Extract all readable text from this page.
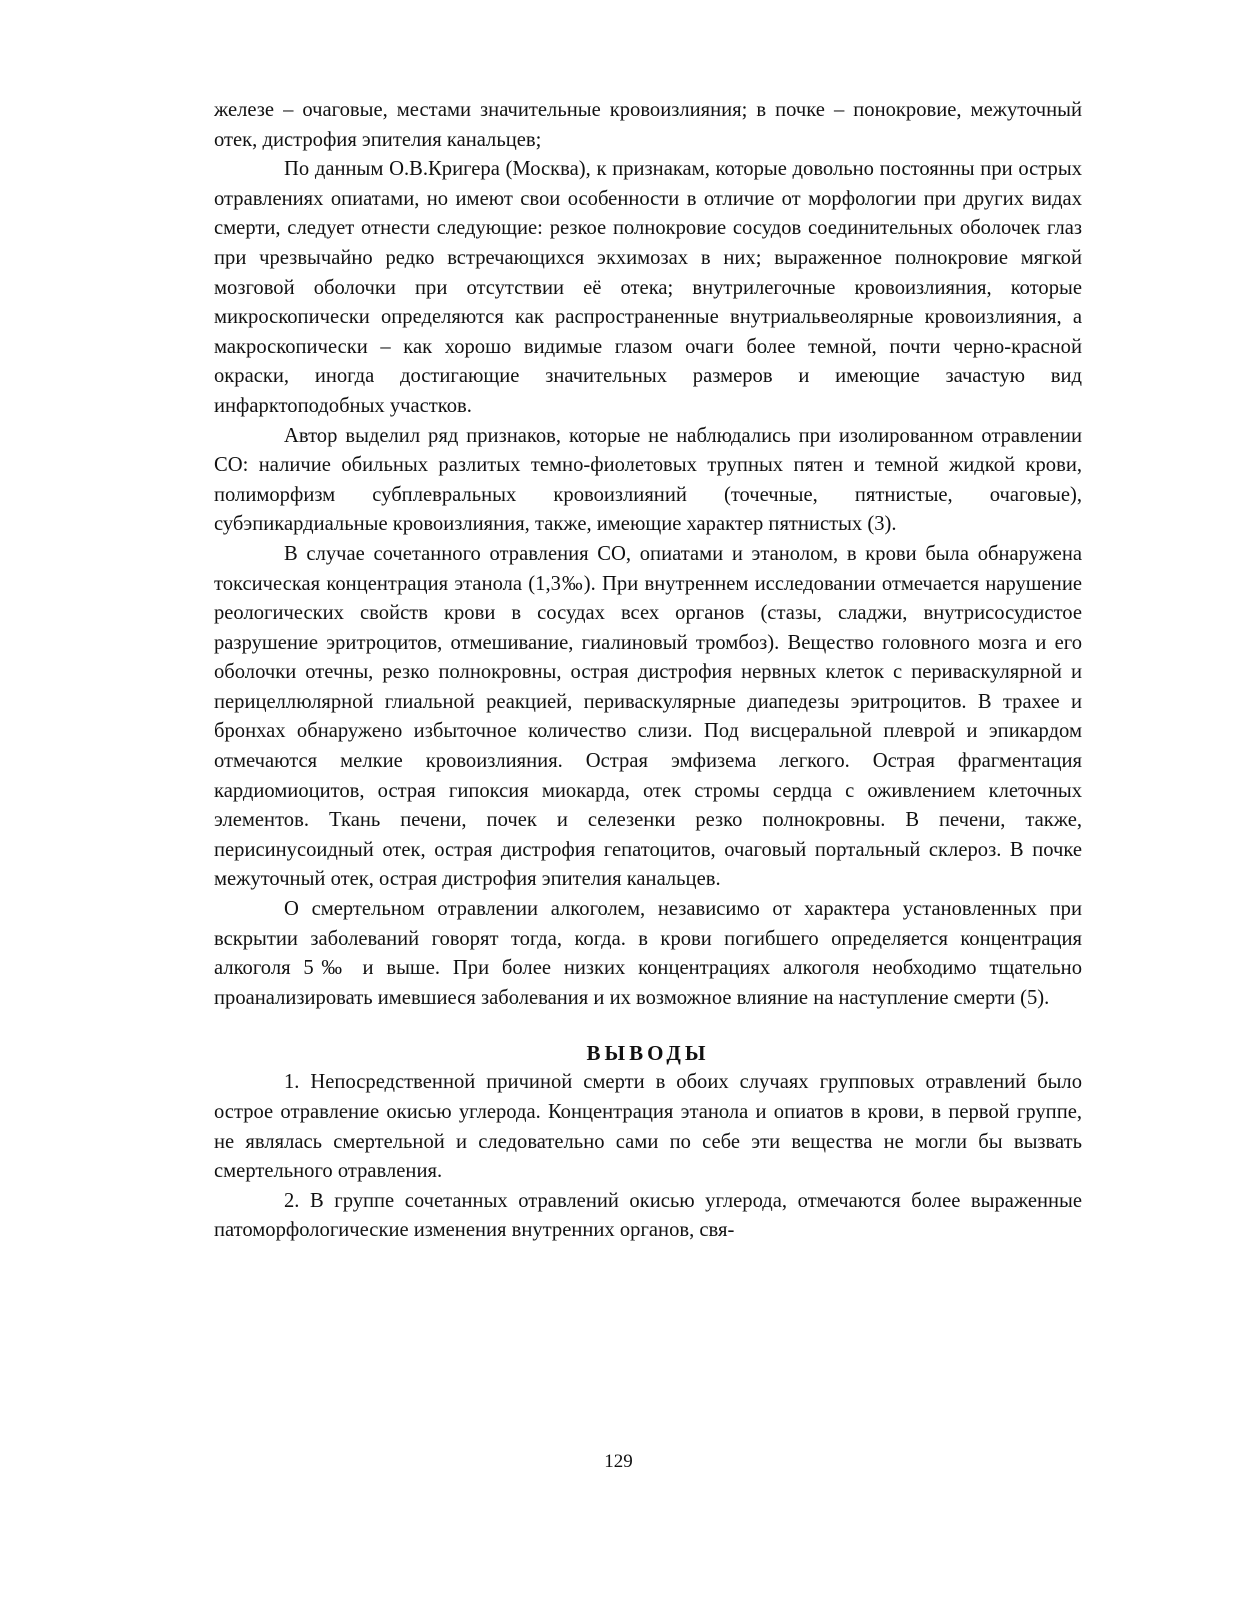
железе – очаговые, местами значительные кровоизлияния; в почке – понокровие, межуточный отек, дистрофия эпителия канальцев;

По данным О.В.Кригера (Москва), к признакам, которые довольно постоянны при острых отравлениях опиатами, но имеют свои особенности в отличие от морфологии при других видах смерти, следует отнести следующие: резкое полнокровие сосудов соединительных оболочек глаз при чрезвычайно редко встречающихся экхимозах в них; выраженное полнокровие мягкой мозговой оболочки при отсутствии её отека; внутрилегочные кровоизлияния, которые микроскопически определяются как распространенные внутриальвеолярные кровоизлияния, а макроскопически – как хорошо видимые глазом очаги более темной, почти черно-красной окраски, иногда достигающие значительных размеров и имеющие зачастую вид инфарктоподобных участков.

Автор выделил ряд признаков, которые не наблюдались при изолированном отравлении СО: наличие обильных разлитых темно-фиолетовых трупных пятен и темной жидкой крови, полиморфизм субплевральных кровоизлияний (точечные, пятнистые, очаговые), субэпикардиальные кровоизлияния, также, имеющие характер пятнистых (3).

В случае сочетанного отравления СО, опиатами и этанолом, в крови была обнаружена токсическая концентрация этанола (1,3‰). При внутреннем исследовании отмечается нарушение реологических свойств крови в сосудах всех органов (стазы, сладжи, внутрисосудистое разрушение эритроцитов, отмешивание, гиалиновый тромбоз). Вещество головного мозга и его оболочки отечны, резко полнокровны, острая дистрофия нервных клеток с периваскулярной и перицеллюлярной глиальной реакцией, периваскулярные диапедезы эритроцитов. В трахее и бронхах обнаружено избыточное количество слизи. Под висцеральной плеврой и эпикардом отмечаются мелкие кровоизлияния. Острая эмфизема легкого. Острая фрагментация кардиомиоцитов, острая гипоксия миокарда, отек стромы сердца с оживлением клеточных элементов. Ткань печени, почек и селезенки резко полнокровны. В печени, также, перисинусоидный отек, острая дистрофия гепатоцитов, очаговый портальный склероз. В почке межуточный отек, острая дистрофия эпителия канальцев.

О смертельном отравлении алкоголем, независимо от характера установленных при вскрытии заболеваний говорят тогда, когда. в крови погибшего определяется концентрация алкоголя 5‰ и выше. При более низких концентрациях алкоголя необходимо тщательно проанализировать имевшиеся заболевания и их возможное влияние на наступление смерти (5).

ВЫВОДЫ

1. Непосредственной причиной смерти в обоих случаях групповых отравлений было острое отравление окисью углерода. Концентрация этанола и опиатов в крови, в первой группе, не являлась смертельной и следовательно сами по себе эти вещества не могли бы вызвать смертельного отравления.

2. В группе сочетанных отравлений окисью углерода, отмечаются более выраженные патоморфологические изменения внутренних органов, свя-

129
